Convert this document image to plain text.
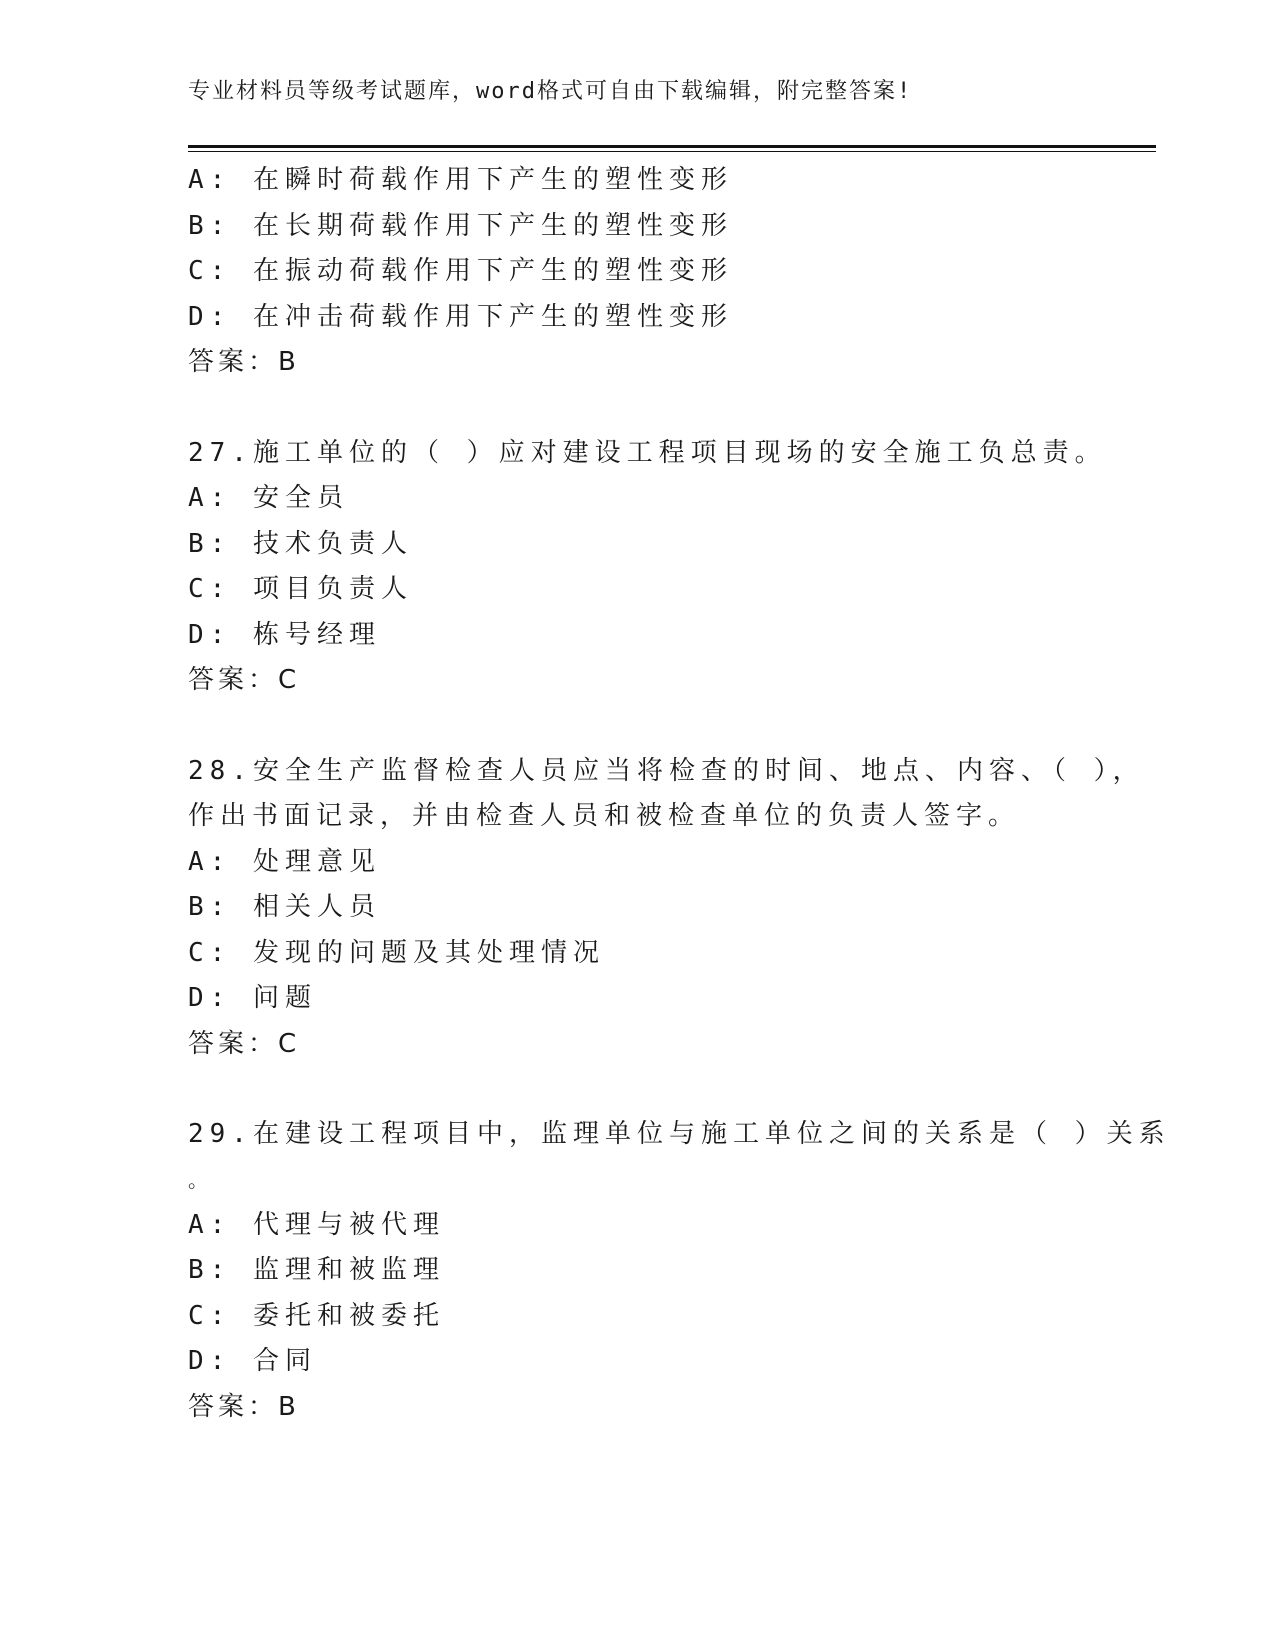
专业材料员等级考试题库，word格式可自由下载编辑，附完整答案!
A: 在瞬时荷载作用下产生的塑性变形
B: 在长期荷载作用下产生的塑性变形
C: 在振动荷载作用下产生的塑性变形
D: 在冲击荷载作用下产生的塑性变形
答案：B
27.施工单位的（ ）应对建设工程项目现场的安全施工负总责。
A: 安全员
B: 技术负责人
C: 项目负责人
D: 栋号经理
答案：C
28.安全生产监督检查人员应当将检查的时间、地点、内容、（ ），
作出书面记录，并由检查人员和被检查单位的负责人签字。
A: 处理意见
B: 相关人员
C: 发现的问题及其处理情况
D: 问题
答案：C
29.在建设工程项目中，监理单位与施工单位之间的关系是（ ）关系
。
A: 代理与被代理
B: 监理和被监理
C: 委托和被委托
D: 合同
答案：B
